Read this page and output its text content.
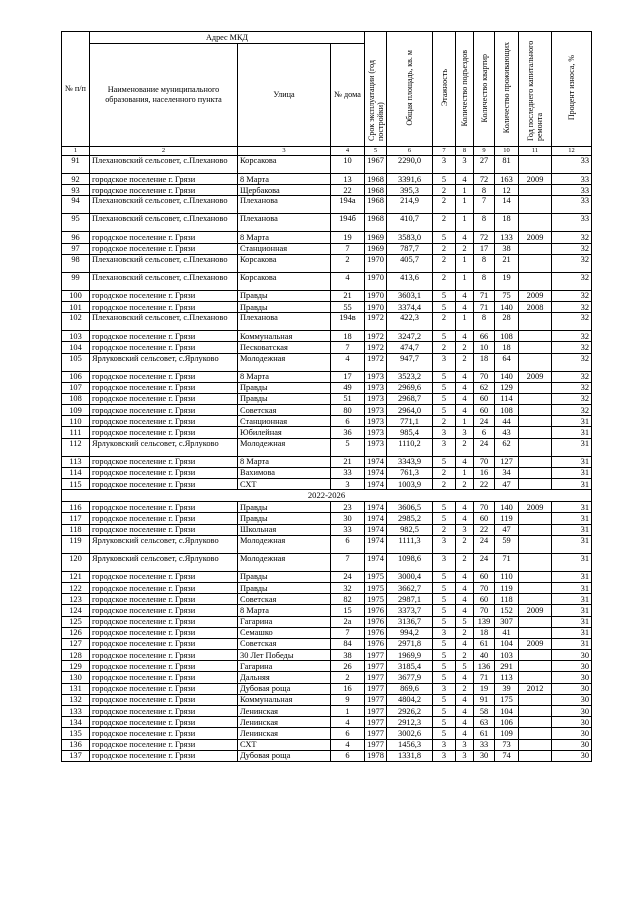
№ п/п	Адрес МКД			Срок эксплуатации (год постройки)	Общая площадь, кв. м	Этажность	Количество подъездов	Количество квартир	Количество проживающих	Год последнего капитального ремонта	Процент износа, %
	Наименование муниципального образования, населенного пункта	Улица	№ дома								
1	2	3	4	5	6	7	8	9	10	11	12
91	Плехановский сельсовет, с.Плеханово	Корсакова	10	1967	2290,0	3	3	27	81		33
92	городское поселение г. Грязи	8 Марта	13	1968	3391,6	5	4	72	163	2009	33
93	городское поселение г. Грязи	Щербакова	22	1968	395,3	2	1	8	12		33
94	Плехановский сельсовет, с.Плеханово	Плеханова	194а	1968	214,9	2	1	7	14		33
95	Плехановский сельсовет, с.Плеханово	Плеханова	194б	1968	410,7	2	1	8	18		33
96	городское поселение г. Грязи	8 Марта	19	1969	3583,0	5	4	72	133	2009	32
97	городское поселение г. Грязи	Станционная	7	1969	787,7	2	2	17	38		32
98	Плехановский сельсовет, с.Плеханово	Корсакова	2	1970	405,7	2	1	8	21		32
99	Плехановский сельсовет, с.Плеханово	Корсакова	4	1970	413,6	2	1	8	19		32
100	городское поселение г. Грязи	Правды	21	1970	3603,1	5	4	71	75	2009	32
101	городское поселение г. Грязи	Правды	55	1970	3374,4	5	4	71	140	2008	32
102	Плехановский сельсовет, с.Плеханово	Плеханова	194в	1972	422,3	2	1	8	28		32
103	городское поселение г. Грязи	Коммунальная	18	1972	3247,2	5	4	66	108		32
104	городское поселение г. Грязи	Песковатская	7	1972	474,7	2	2	10	18		32
105	Ярлуковский сельсовет, с.Ярлуково	Молодежная	4	1972	947,7	3	2	18	64		32
106	городское поселение г. Грязи	8 Марта	17	1973	3523,2	5	4	70	140	2009	32
107	городское поселение г. Грязи	Правды	49	1973	2969,6	5	4	62	129		32
108	городское поселение г. Грязи	Правды	51	1973	2968,7	5	4	60	114		32
109	городское поселение г. Грязи	Советская	80	1973	2964,0	5	4	60	108		32
110	городское поселение г. Грязи	Станционная	6	1973	771,1	2	1	24	44		31
111	городское поселение г. Грязи	Юбилейная	36	1973	985,4	3	3	6	43		31
112	Ярлуковский сельсовет, с.Ярлуково	Молодежная	5	1973	1110,2	3	2	24	62		31
113	городское поселение г. Грязи	8 Марта	21	1974	3343,9	5	4	70	127		31
114	городское поселение г. Грязи	Вахимова	33	1974	761,3	2	1	16	34		31
115	городское поселение г. Грязи	СХТ	3	1974	1003,9	2	2	22	47		31
2022-2026											
116	городское поселение г. Грязи	Правды	23	1974	3606,5	5	4	70	140	2009	31
117	городское поселение г. Грязи	Правды	30	1974	2985,2	5	4	60	119		31
118	городское поселение г. Грязи	Школьная	33	1974	982,5	2	3	22	47		31
119	Ярлуковский сельсовет, с.Ярлуково	Молодежная	6	1974	1111,3	3	2	24	59		31
120	Ярлуковский сельсовет, с.Ярлуково	Молодежная	7	1974	1098,6	3	2	24	71		31
121	городское поселение г. Грязи	Правды	24	1975	3000,4	5	4	60	110		31
122	городское поселение г. Грязи	Правды	32	1975	3662,7	5	4	70	119		31
123	городское поселение г. Грязи	Советская	82	1975	2987,1	5	4	60	118		31
124	городское поселение г. Грязи	8 Марта	15	1976	3373,7	5	4	70	152	2009	31
125	городское поселение г. Грязи	Гагарина	2а	1976	3136,7	5	5	139	307		31
126	городское поселение г. Грязи	Семашко	7	1976	994,2	3	2	18	41		31
127	городское поселение г. Грязи	Советская	84	1976	2971,8	5	4	61	104	2009	31
128	городское поселение г. Грязи	30 Лет Победы	38	1977	1969,9	5	2	40	103		30
129	городское поселение г. Грязи	Гагарина	26	1977	3185,4	5	5	136	291		30
130	городское поселение г. Грязи	Дальняя	2	1977	3677,9	5	4	71	113		30
131	городское поселение г. Грязи	Дубовая роща	16	1977	869,6	3	2	19	39	2012	30
132	городское поселение г. Грязи	Коммунальная	9	1977	4804,2	5	4	91	175		30
133	городское поселение г. Грязи	Ленинская	1	1977	2926,2	5	4	58	104		30
134	городское поселение г. Грязи	Ленинская	4	1977	2912,3	5	4	63	106		30
135	городское поселение г. Грязи	Ленинская	6	1977	3002,6	5	4	61	109		30
136	городское поселение г. Грязи	СХТ	4	1977	1456,3	3	3	33	73		30
137	городское поселение г. Грязи	Дубовая роща	6	1978	1331,8	3	3	30	74		30
